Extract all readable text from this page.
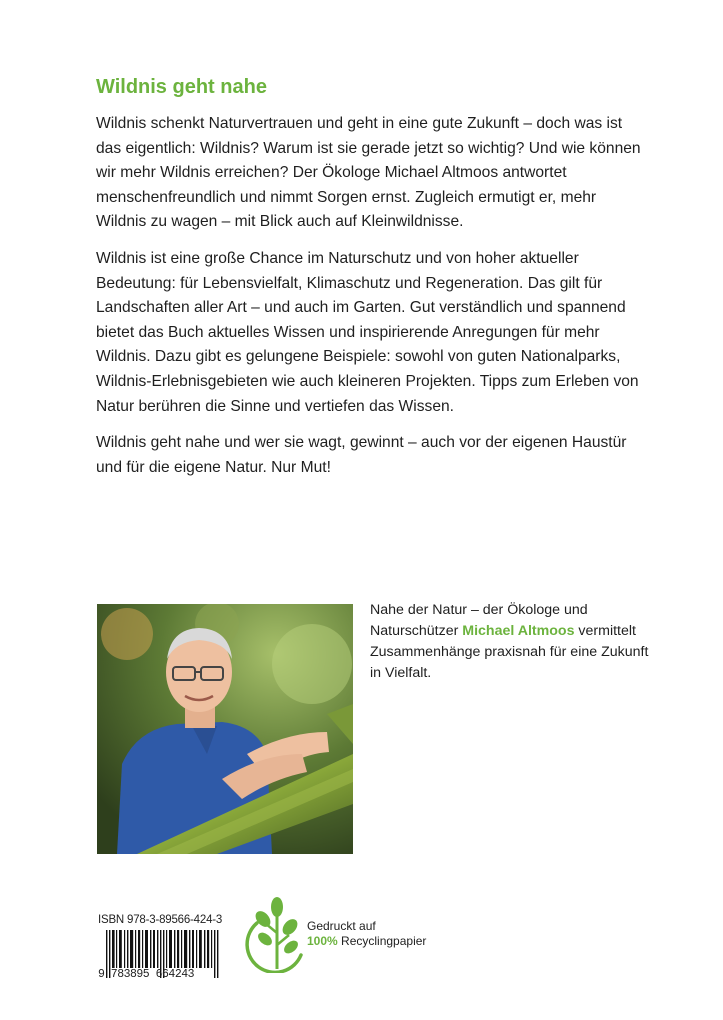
Wildnis geht nahe

Wildnis schenkt Naturvertrauen und geht in eine gute Zukunft – doch was ist das eigentlich: Wildnis? Warum ist sie gerade jetzt so wichtig? Und wie können wir mehr Wildnis erreichen? Der Ökologe Michael Altmoos antwortet menschenfreundlich und nimmt Sorgen ernst. Zugleich ermutigt er, mehr Wildnis zu wagen – mit Blick auch auf Kleinwildnisse.

Wildnis ist eine große Chance im Naturschutz und von hoher aktueller Bedeutung: für Lebensvielfalt, Klimaschutz und Regeneration. Das gilt für Landschaften aller Art – und auch im Garten. Gut verständlich und spannend bietet das Buch aktuelles Wissen und inspirierende Anregungen für mehr Wildnis. Dazu gibt es gelungene Beispiele: sowohl von guten Nationalparks, Wildnis-Erlebnisgebieten wie auch kleineren Projekten. Tipps zum Erleben von Natur berühren die Sinne und vertiefen das Wissen.

Wildnis geht nahe und wer sie wagt, gewinnt – auch vor der eigenen Haustür und für die eigene Natur. Nur Mut!

Nahe der Natur – der Ökologe und Naturschützer Michael Altmoos vermittelt Zusammenhänge praxisnah für eine Zukunft in Vielfalt.
ISBN 978-3-89566-424-3
9 783895 664243
Gedruckt auf
100% Recyclingpapier
